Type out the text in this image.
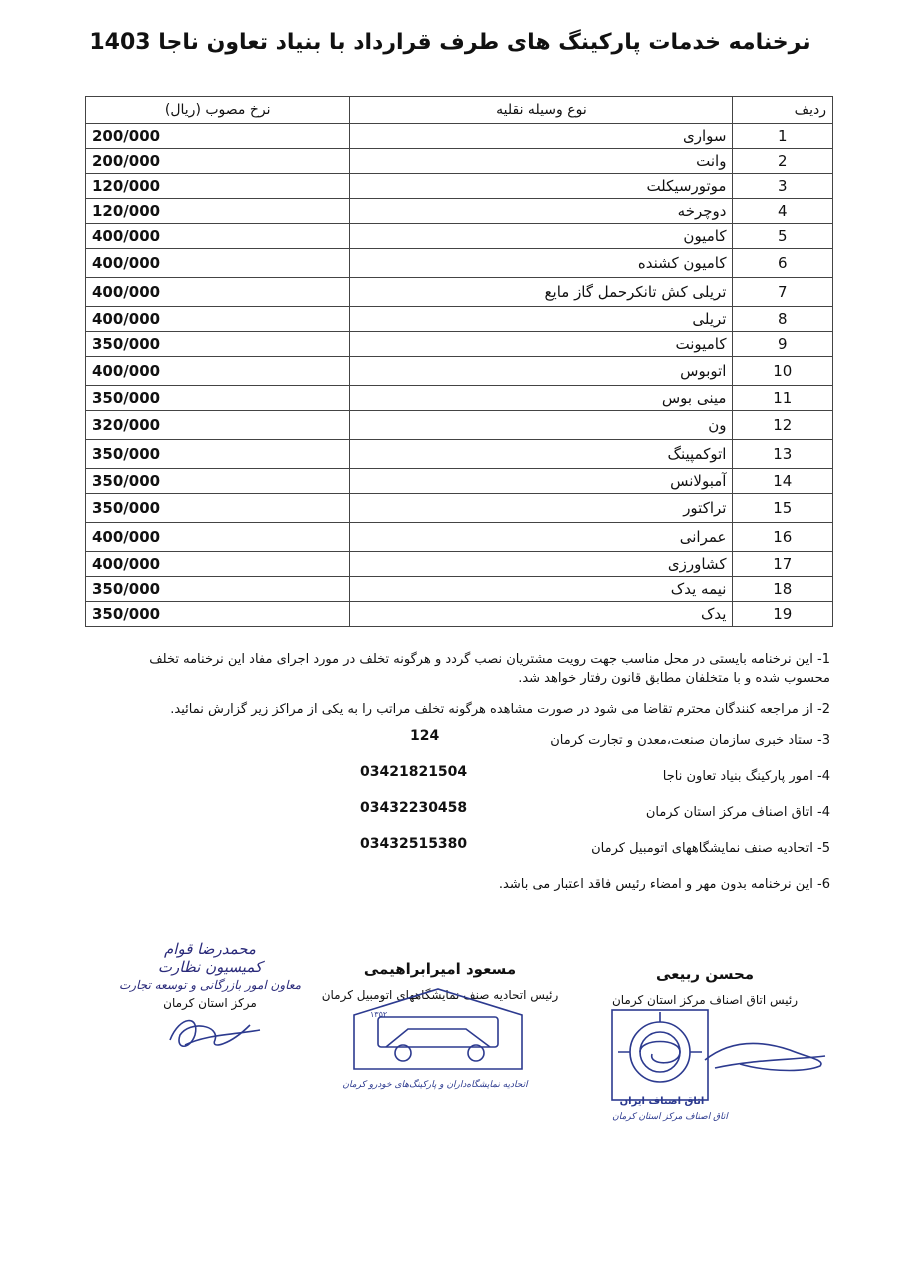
نرخنامه خدمات پارکینگ های طرف قرارداد با بنیاد تعاون ناجا 1403
ردیف	نوع وسیله نقلیه	نرخ مصوب (ریال)
1	سواری	200/000
2	وانت	200/000
3	موتورسیکلت	120/000
4	دوچرخه	120/000
5	کامیون	400/000
6	کامیون کشنده	400/000
7	تریلی کش تانکرحمل گاز مایع	400/000
8	تریلی	400/000
9	کامیونت	350/000
10	اتوبوس	400/000
11	مینی بوس	350/000
12	ون	320/000
13	اتوکمپینگ	350/000
14	آمبولانس	350/000
15	تراکتور	350/000
16	عمرانی	400/000
17	کشاورزی	400/000
18	نیمه یدک	350/000
19	یدک	350/000

1- این نرخنامه بایستی در محل مناسب جهت رویت مشتریان نصب گردد و هرگونه تخلف در مورد اجرای مفاد این نرخنامه تخلف محسوب شده و با متخلفان مطابق قانون رفتار خواهد شد.

2- از مراجعه کنندگان محترم تقاضا می شود در صورت مشاهده هرگونه تخلف مراتب را به یکی از مراکز زیر گزارش نمائید.

3- ستاد خبری سازمان صنعت،معدن و تجارت کرمان
124
4- امور پارکینگ بنیاد تعاون ناجا
03421821504
4- اتاق اصناف مرکز استان کرمان
03432230458
5- اتحادیه صنف نمایشگاههای اتومبیل کرمان
03432515380

6- این نرخنامه بدون مهر و امضاء رئیس فاقد اعتبار می باشد.

محسن ربیعی
رئیس اتاق اصناف مرکز استان کرمان
مسعود امیرابراهیمی
رئیس اتحادیه صنف نمایشگاههای اتومبیل کرمان
محمدرضا قوام
کمیسیون نظارت
معاون امور بازرگانی و توسعه تجارت
مرکز استان کرمان
۱۳۵۲
اتحادیه نمایشگاه‌داران و پارکینگ‌های خودرو کرمان
اتاق اصناف ایران
اتاق اصناف مرکز استان کرمان
